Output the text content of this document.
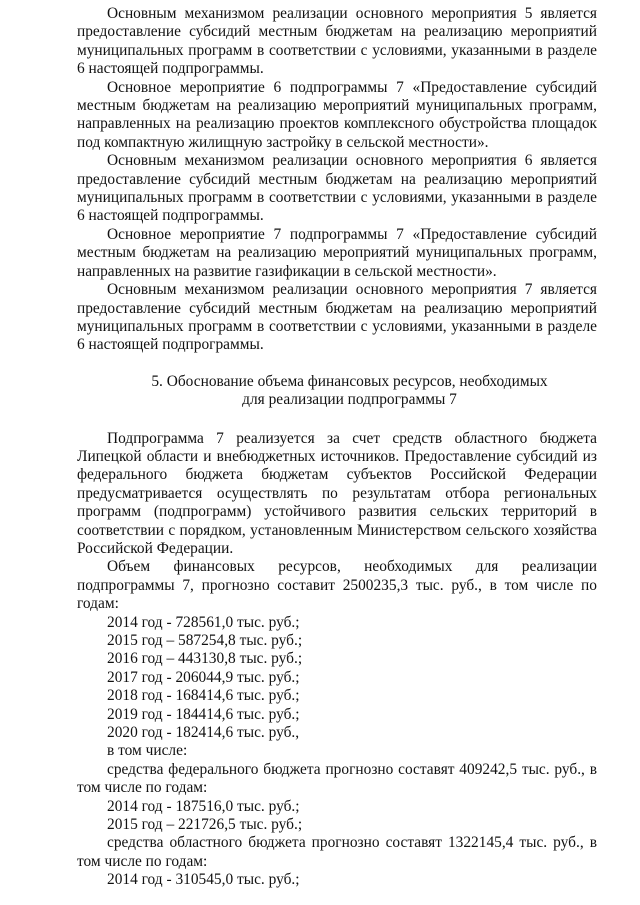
Основным механизмом реализации основного мероприятия 5 является предоставление субсидий местным бюджетам на реализацию мероприятий муниципальных программ в соответствии с условиями, указанными в разделе 6 настоящей подпрограммы.

Основное мероприятие 6 подпрограммы 7 «Предоставление субсидий местным бюджетам на реализацию мероприятий муниципальных программ, направленных на реализацию проектов комплексного обустройства площадок под компактную жилищную застройку в сельской местности».

Основным механизмом реализации основного мероприятия 6 является предоставление субсидий местным бюджетам на реализацию мероприятий муниципальных программ в соответствии с условиями, указанными в разделе 6 настоящей подпрограммы.

Основное мероприятие 7 подпрограммы 7 «Предоставление субсидий местным бюджетам на реализацию мероприятий муниципальных программ, направленных на развитие газификации в сельской местности».

Основным механизмом реализации основного мероприятия 7 является предоставление субсидий местным бюджетам на реализацию мероприятий муниципальных программ в соответствии с условиями, указанными в разделе 6 настоящей подпрограммы.

5. Обоснование объема финансовых ресурсов, необходимых

для реализации подпрограммы 7

Подпрограмма 7 реализуется за счет средств областного бюджета Липецкой области и внебюджетных источников. Предоставление субсидий из федерального бюджета бюджетам субъектов Российской Федерации предусматривается осуществлять по результатам отбора региональных программ (подпрограмм) устойчивого развития сельских территорий в соответствии с порядком, установленным Министерством сельского хозяйства Российской Федерации.

Объем финансовых ресурсов, необходимых для реализации подпрограммы 7, прогнозно составит 2500235,3 тыс. руб., в том числе по годам:

2014 год - 728561,0 тыс. руб.;

2015 год – 587254,8 тыс. руб.;

2016 год – 443130,8 тыс. руб.;

2017 год - 206044,9 тыс. руб.;

2018 год - 168414,6 тыс. руб.;

2019 год - 184414,6 тыс. руб.;

2020 год - 182414,6 тыс. руб.,

в том числе:

средства федерального бюджета прогнозно составят 409242,5 тыс. руб., в том числе по годам:

2014 год - 187516,0 тыс. руб.;

2015 год – 221726,5 тыс. руб.;

средства областного бюджета прогнозно составят 1322145,4 тыс. руб., в том числе по годам:

2014 год - 310545,0 тыс. руб.;
